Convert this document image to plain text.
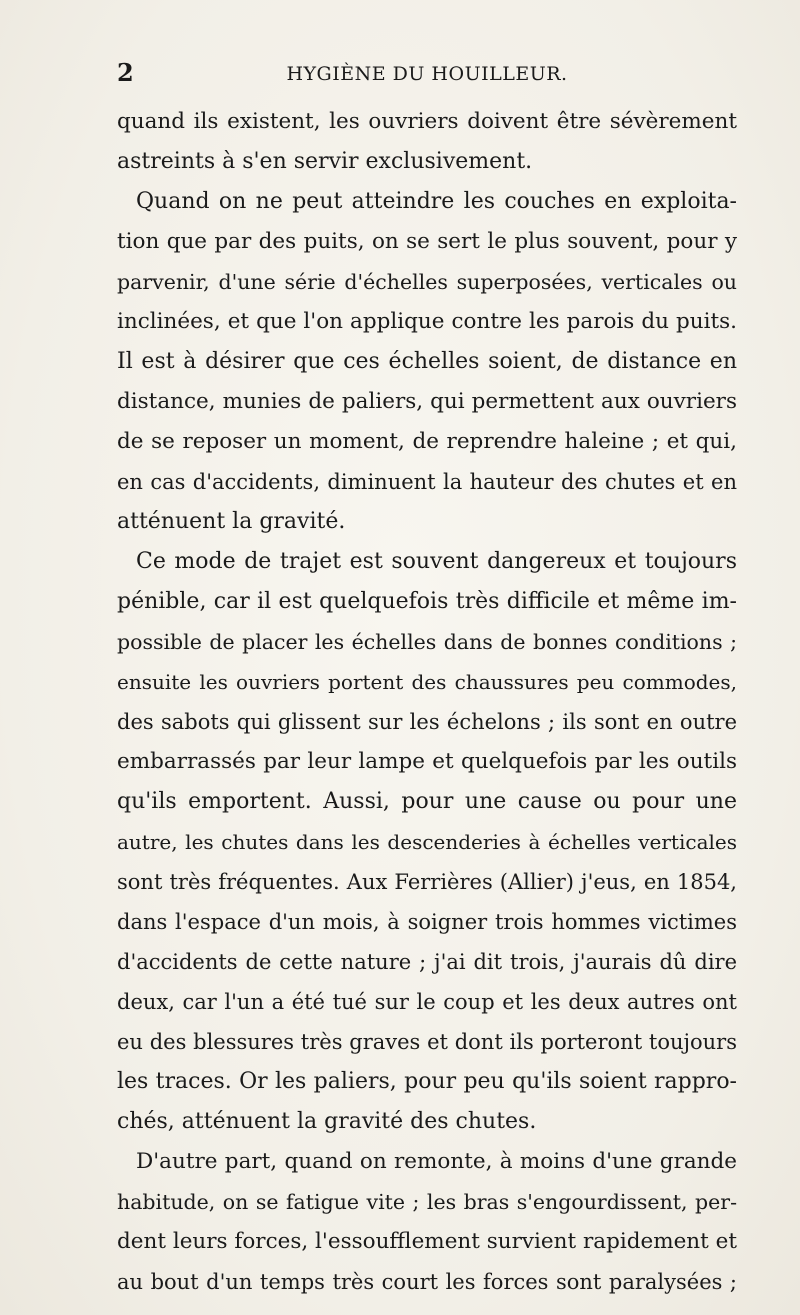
2	HYGIÈNE DU HOUILLEUR.
quand ils existent, les ouvriers doivent être sévèrement
astreints à s'en servir exclusivement.
Quand on ne peut atteindre les couches en exploita-
tion que par des puits, on se sert le plus souvent, pour y
parvenir, d'une série d'échelles superposées, verticales ou
inclinées, et que l'on applique contre les parois du puits.
Il est à désirer que ces échelles soient, de distance en
distance, munies de paliers, qui permettent aux ouvriers
de se reposer un moment, de reprendre haleine ; et qui,
en cas d'accidents, diminuent la hauteur des chutes et en
atténuent la gravité.
Ce mode de trajet est souvent dangereux et toujours
pénible, car il est quelquefois très difficile et même im-
possible de placer les échelles dans de bonnes conditions ;
ensuite les ouvriers portent des chaussures peu commodes,
des sabots qui glissent sur les échelons ; ils sont en outre
embarrassés par leur lampe et quelquefois par les outils
qu'ils emportent. Aussi, pour une cause ou pour une
autre, les chutes dans les descenderies à échelles verticales
sont très fréquentes. Aux Ferrières (Allier) j'eus, en 1854,
dans l'espace d'un mois, à soigner trois hommes victimes
d'accidents de cette nature ; j'ai dit trois, j'aurais dû dire
deux, car l'un a été tué sur le coup et les deux autres ont
eu des blessures très graves et dont ils porteront toujours
les traces. Or les paliers, pour peu qu'ils soient rappro-
chés, atténuent la gravité des chutes.
D'autre part, quand on remonte, à moins d'une grande
habitude, on se fatigue vite ; les bras s'engourdissent, per-
dent leurs forces, l'essoufflement survient rapidement et
au bout d'un temps très court les forces sont paralysées ;
